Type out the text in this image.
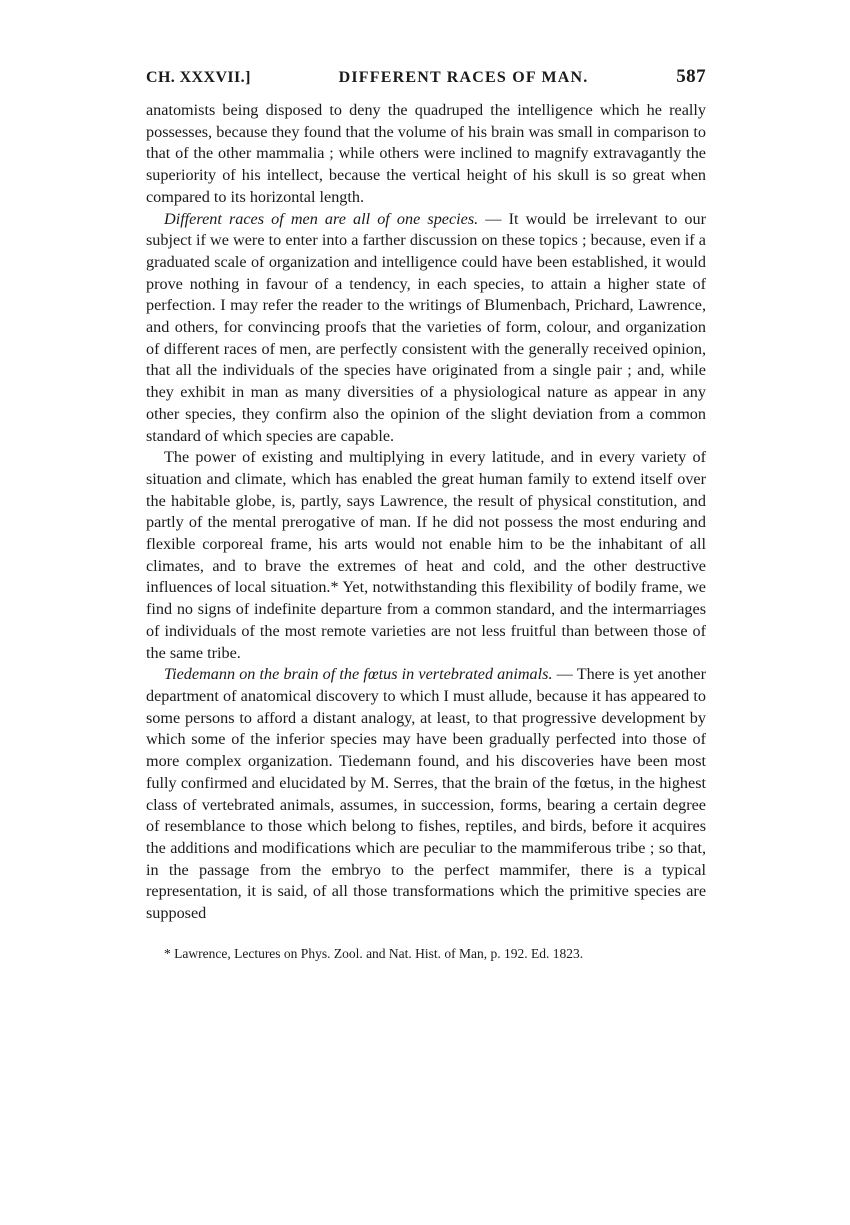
CH. XXXVII.]	DIFFERENT RACES OF MAN.	587

anatomists being disposed to deny the quadruped the intelligence which he really possesses, because they found that the volume of his brain was small in comparison to that of the other mammalia ; while others were inclined to magnify extravagantly the superiority of his intellect, because the vertical height of his skull is so great when compared to its horizontal length.

Different races of men are all of one species. — It would be irrelevant to our subject if we were to enter into a farther discussion on these topics ; because, even if a graduated scale of organization and intelligence could have been established, it would prove nothing in favour of a tendency, in each species, to attain a higher state of perfection. I may refer the reader to the writings of Blumenbach, Prichard, Lawrence, and others, for convincing proofs that the varieties of form, colour, and organization of different races of men, are perfectly consistent with the generally received opinion, that all the individuals of the species have originated from a single pair ; and, while they exhibit in man as many diversities of a physiological nature as appear in any other species, they confirm also the opinion of the slight deviation from a common standard of which species are capable.

The power of existing and multiplying in every latitude, and in every variety of situation and climate, which has enabled the great human family to extend itself over the habitable globe, is, partly, says Lawrence, the result of physical constitution, and partly of the mental prerogative of man. If he did not possess the most enduring and flexible corporeal frame, his arts would not enable him to be the inhabitant of all climates, and to brave the extremes of heat and cold, and the other destructive influences of local situation.* Yet, notwithstanding this flexibility of bodily frame, we find no signs of indefinite departure from a common standard, and the intermarriages of individuals of the most remote varieties are not less fruitful than between those of the same tribe.

Tiedemann on the brain of the fœtus in vertebrated animals. — There is yet another department of anatomical discovery to which I must allude, because it has appeared to some persons to afford a distant analogy, at least, to that progressive development by which some of the inferior species may have been gradually perfected into those of more complex organization. Tiedemann found, and his discoveries have been most fully confirmed and elucidated by M. Serres, that the brain of the fœtus, in the highest class of vertebrated animals, assumes, in succession, forms, bearing a certain degree of resemblance to those which belong to fishes, reptiles, and birds, before it acquires the additions and modifications which are peculiar to the mammiferous tribe ; so that, in the passage from the embryo to the perfect mammifer, there is a typical representation, it is said, of all those transformations which the primitive species are supposed

* Lawrence, Lectures on Phys. Zool. and Nat. Hist. of Man, p. 192. Ed. 1823.
